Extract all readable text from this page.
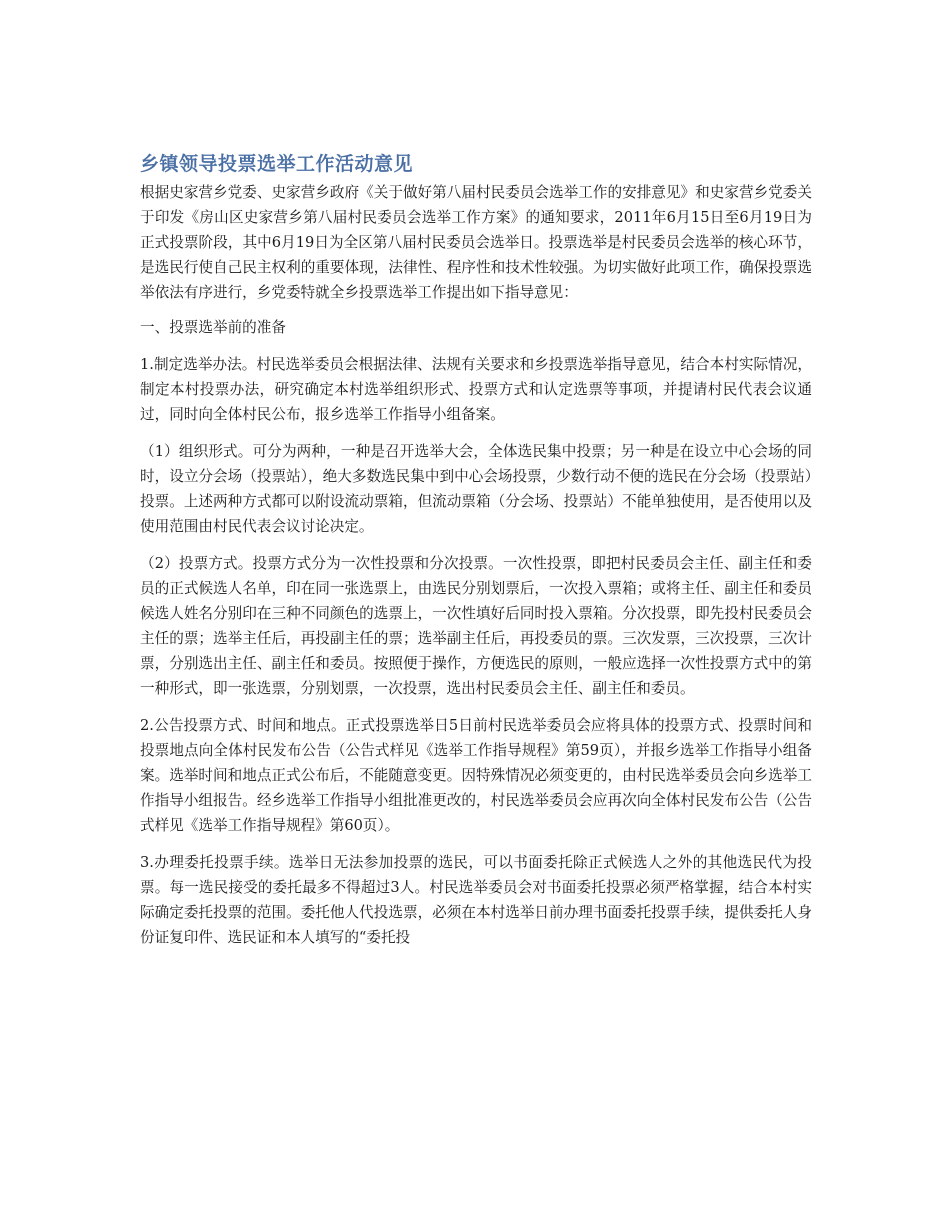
乡镇领导投票选举工作活动意见

根据史家营乡党委、史家营乡政府《关于做好第八届村民委员会选举工作的安排意见》和史家营乡党委关于印发《房山区史家营乡第八届村民委员会选举工作方案》的通知要求，2011年6月15日至6月19日为正式投票阶段，其中6月19日为全区第八届村民委员会选举日。投票选举是村民委员会选举的核心环节，是选民行使自己民主权利的重要体现，法律性、程序性和技术性较强。为切实做好此项工作，确保投票选举依法有序进行，乡党委特就全乡投票选举工作提出如下指导意见：

一、投票选举前的准备

1.制定选举办法。村民选举委员会根据法律、法规有关要求和乡投票选举指导意见，结合本村实际情况，制定本村投票办法，研究确定本村选举组织形式、投票方式和认定选票等事项，并提请村民代表会议通过，同时向全体村民公布，报乡选举工作指导小组备案。

（1）组织形式。可分为两种，一种是召开选举大会，全体选民集中投票；另一种是在设立中心会场的同时，设立分会场（投票站），绝大多数选民集中到中心会场投票，少数行动不便的选民在分会场（投票站）投票。上述两种方式都可以附设流动票箱，但流动票箱（分会场、投票站）不能单独使用，是否使用以及使用范围由村民代表会议讨论决定。

（2）投票方式。投票方式分为一次性投票和分次投票。一次性投票，即把村民委员会主任、副主任和委员的正式候选人名单，印在同一张选票上，由选民分别划票后，一次投入票箱；或将主任、副主任和委员候选人姓名分别印在三种不同颜色的选票上，一次性填好后同时投入票箱。分次投票，即先投村民委员会主任的票；选举主任后，再投副主任的票；选举副主任后，再投委员的票。三次发票，三次投票，三次计票，分别选出主任、副主任和委员。按照便于操作，方便选民的原则，一般应选择一次性投票方式中的第一种形式，即一张选票，分别划票，一次投票，选出村民委员会主任、副主任和委员。

2.公告投票方式、时间和地点。正式投票选举日5日前村民选举委员会应将具体的投票方式、投票时间和投票地点向全体村民发布公告（公告式样见《选举工作指导规程》第59页），并报乡选举工作指导小组备案。选举时间和地点正式公布后，不能随意变更。因特殊情况必须变更的，由村民选举委员会向乡选举工作指导小组报告。经乡选举工作指导小组批准更改的，村民选举委员会应再次向全体村民发布公告（公告式样见《选举工作指导规程》第60页）。

3.办理委托投票手续。选举日无法参加投票的选民，可以书面委托除正式候选人之外的其他选民代为投票。每一选民接受的委托最多不得超过3人。村民选举委员会对书面委托投票必须严格掌握，结合本村实际确定委托投票的范围。委托他人代投选票，必须在本村选举日前办理书面委托投票手续，提供委托人身份证复印件、选民证和本人填写的“委托投
